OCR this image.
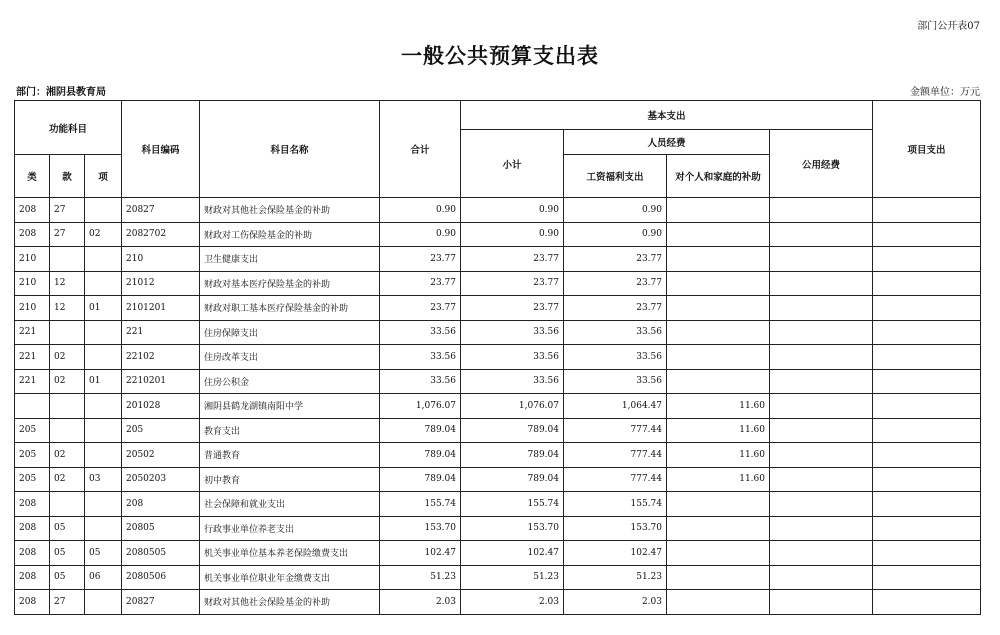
部门公开表07
一般公共预算支出表
部门：湘阴县教育局	金额单位：万元
功能科目			科目编码	科目名称	合计	基本支出				项目支出
						小计	人员经费		公用经费	
类	款	项					工资福利支出	对个人和家庭的补助		
208	27		20827	财政对其他社会保险基金的补助	0.90	0.90	0.90			
208	27	02	2082702	财政对工伤保险基金的补助	0.90	0.90	0.90			
210			210	卫生健康支出	23.77	23.77	23.77			
210	12		21012	财政对基本医疗保险基金的补助	23.77	23.77	23.77			
210	12	01	2101201	财政对职工基本医疗保险基金的补助	23.77	23.77	23.77			
221			221	住房保障支出	33.56	33.56	33.56			
221	02		22102	住房改革支出	33.56	33.56	33.56			
221	02	01	2210201	住房公积金	33.56	33.56	33.56			
			201028	湘阴县鹤龙湖镇南阳中学	1,076.07	1,076.07	1,064.47	11.60		
205			205	教育支出	789.04	789.04	777.44	11.60		
205	02		20502	普通教育	789.04	789.04	777.44	11.60		
205	02	03	2050203	初中教育	789.04	789.04	777.44	11.60		
208			208	社会保障和就业支出	155.74	155.74	155.74			
208	05		20805	行政事业单位养老支出	153.70	153.70	153.70			
208	05	05	2080505	机关事业单位基本养老保险缴费支出	102.47	102.47	102.47			
208	05	06	2080506	机关事业单位职业年金缴费支出	51.23	51.23	51.23			
208	27		20827	财政对其他社会保险基金的补助	2.03	2.03	2.03			
